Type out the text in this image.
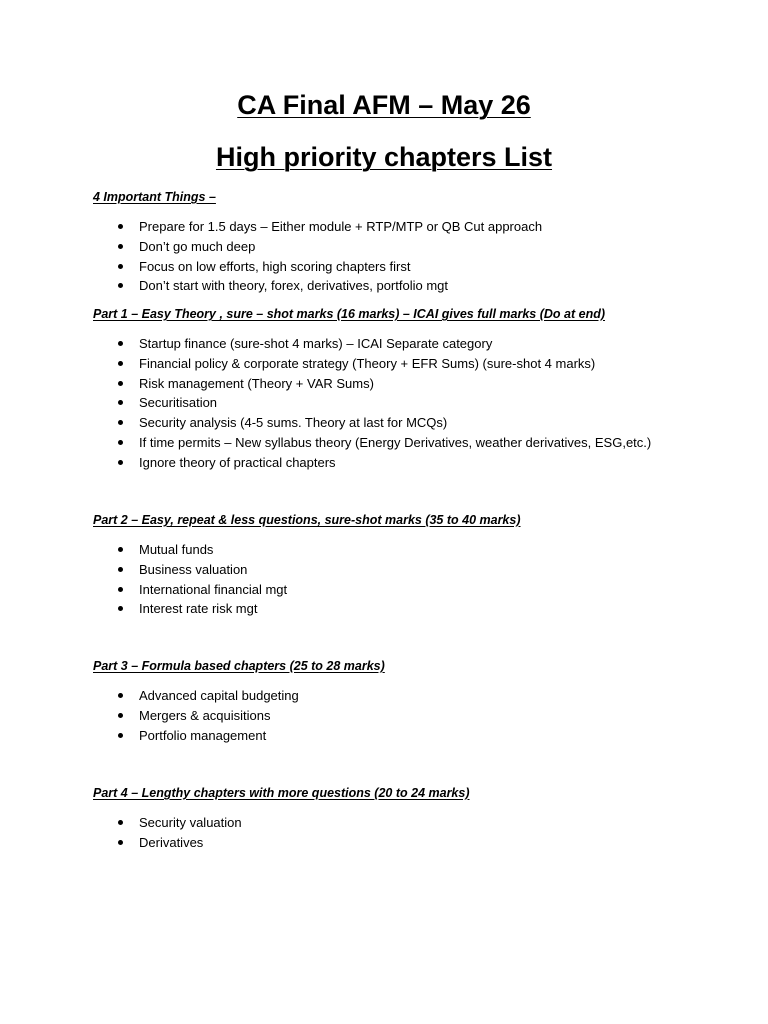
CA Final AFM – May 26
High priority chapters List

4 Important Things –

Prepare for 1.5 days – Either module + RTP/MTP or QB Cut approach
Don’t go much deep
Focus on low efforts, high scoring chapters first
Don’t start with theory, forex, derivatives, portfolio mgt

Part 1 – Easy Theory , sure – shot marks (16 marks) – ICAI gives full marks (Do at end)

Startup finance (sure-shot 4 marks) – ICAI Separate category
Financial policy & corporate strategy (Theory + EFR Sums) (sure-shot 4 marks)
Risk management (Theory + VAR Sums)
Securitisation
Security analysis (4-5 sums. Theory at last for MCQs)
If time permits – New syllabus theory (Energy Derivatives, weather derivatives, ESG,etc.)
Ignore theory of practical chapters

Part 2 – Easy, repeat & less questions, sure-shot marks (35 to 40 marks)

Mutual funds
Business valuation
International financial mgt
Interest rate risk mgt

Part 3 – Formula based chapters (25 to 28 marks)

Advanced capital budgeting
Mergers & acquisitions
Portfolio management

Part 4 – Lengthy chapters with more questions (20 to 24 marks)

Security valuation
Derivatives
